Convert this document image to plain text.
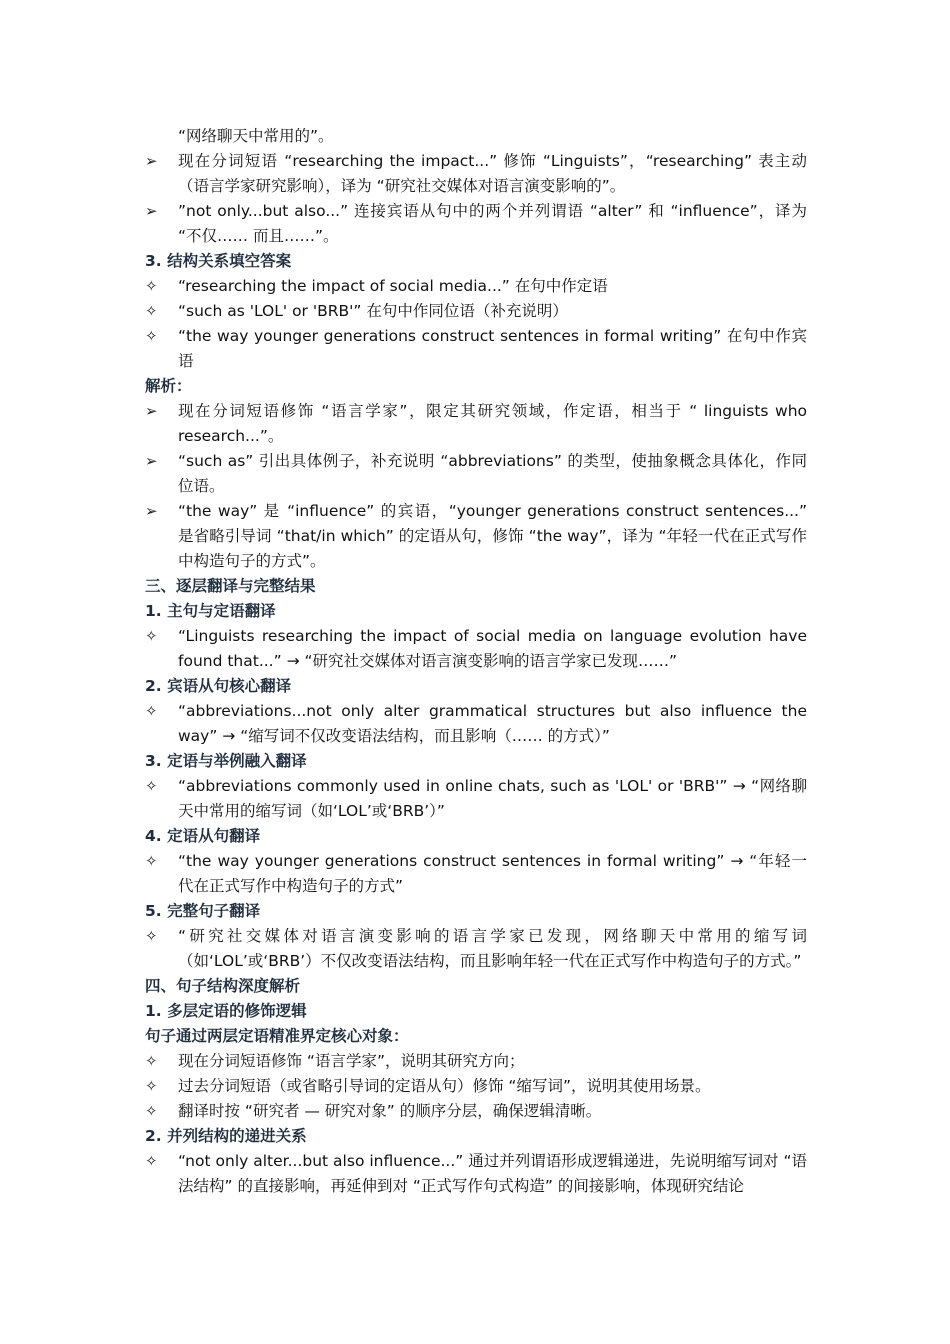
“网络聊天中常用的”。
➢	现在分词短语 “researching the impact...” 修饰 “Linguists”，“researching” 表主动（语言学家研究影响），译为 “研究社交媒体对语言演变影响的”。
➢	”not only...but also...” 连接宾语从句中的两个并列谓语 “alter” 和 “influence”，译为 “不仅…… 而且……”。
3. 结构关系填空答案
✧	“researching the impact of social media...” 在句中作定语
✧	“such as 'LOL' or 'BRB'” 在句中作同位语（补充说明）
✧	“the way younger generations construct sentences in formal writing” 在句中作宾语
解析：
➢	现在分词短语修饰 “语言学家”，限定其研究领域，作定语，相当于 “ linguists who research...”。
➢	“such as” 引出具体例子，补充说明 “abbreviations” 的类型，使抽象概念具体化，作同位语。
➢	“the way” 是 “influence” 的宾语，“younger generations construct sentences...” 是省略引导词 “that/in which” 的定语从句，修饰 “the way”，译为 “年轻一代在正式写作中构造句子的方式”。
三、逐层翻译与完整结果
1. 主句与定语翻译
✧	“Linguists researching the impact of social media on language evolution have found that...” → “研究社交媒体对语言演变影响的语言学家已发现……”
2. 宾语从句核心翻译
✧	“abbreviations...not only alter grammatical structures but also influence the way” → “缩写词不仅改变语法结构，而且影响（…… 的方式）”
3. 定语与举例融入翻译
✧	“abbreviations commonly used in online chats, such as 'LOL' or 'BRB'” → “网络聊天中常用的缩写词（如‘LOL’或‘BRB’）”
4. 定语从句翻译
✧	“the way younger generations construct sentences in formal writing” → “年轻一代在正式写作中构造句子的方式”
5. 完整句子翻译
✧	“研究社交媒体对语言演变影响的语言学家已发现，网络聊天中常用的缩写词（如‘LOL’或‘BRB’）不仅改变语法结构，而且影响年轻一代在正式写作中构造句子的方式。”
四、句子结构深度解析
1. 多层定语的修饰逻辑
句子通过两层定语精准界定核心对象：
✧	现在分词短语修饰 “语言学家”，说明其研究方向；
✧	过去分词短语（或省略引导词的定语从句）修饰 “缩写词”，说明其使用场景。
✧	翻译时按 “研究者 — 研究对象” 的顺序分层，确保逻辑清晰。
2. 并列结构的递进关系
✧	“not only alter...but also influence...” 通过并列谓语形成逻辑递进，先说明缩写词对 “语法结构” 的直接影响，再延伸到对 “正式写作句式构造” 的间接影响，体现研究结论
